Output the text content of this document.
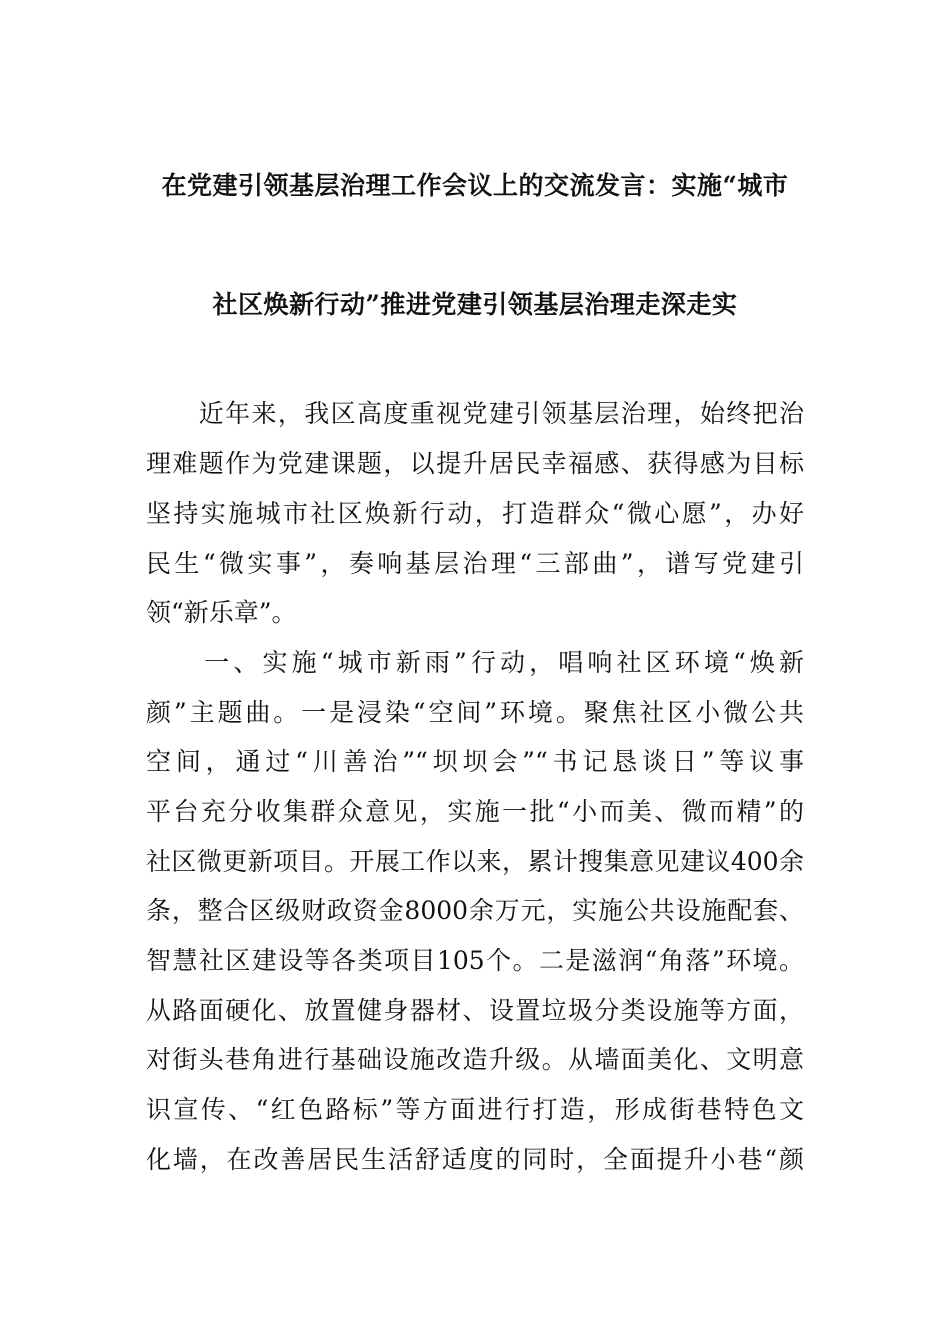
在党建引领基层治理工作会议上的交流发言：实施“城市
社区焕新行动”推进党建引领基层治理走深走实
　　近年来，我区高度重视党建引领基层治理，始终把治
理难题作为党建课题，以提升居民幸福感、获得感为目标
坚持实施城市社区焕新行动，打造群众“微心愿”，办好
民生“微实事”，奏响基层治理“三部曲”，谱写党建引
领“新乐章”。
　　一、实施“城市新雨”行动，唱响社区环境“焕新
颜”主题曲。一是浸染“空间”环境。聚焦社区小微公共
空间，通过“川善治”“坝坝会”“书记恳谈日”等议事
平台充分收集群众意见，实施一批“小而美、微而精”的
社区微更新项目。开展工作以来，累计搜集意见建议400余
条，整合区级财政资金8000余万元，实施公共设施配套、
智慧社区建设等各类项目105个。二是滋润“角落”环境。
从路面硬化、放置健身器材、设置垃圾分类设施等方面，
对街头巷角进行基础设施改造升级。从墙面美化、文明意
识宣传、“红色路标”等方面进行打造，形成街巷特色文
化墙，在改善居民生活舒适度的同时，全面提升小巷“颜
